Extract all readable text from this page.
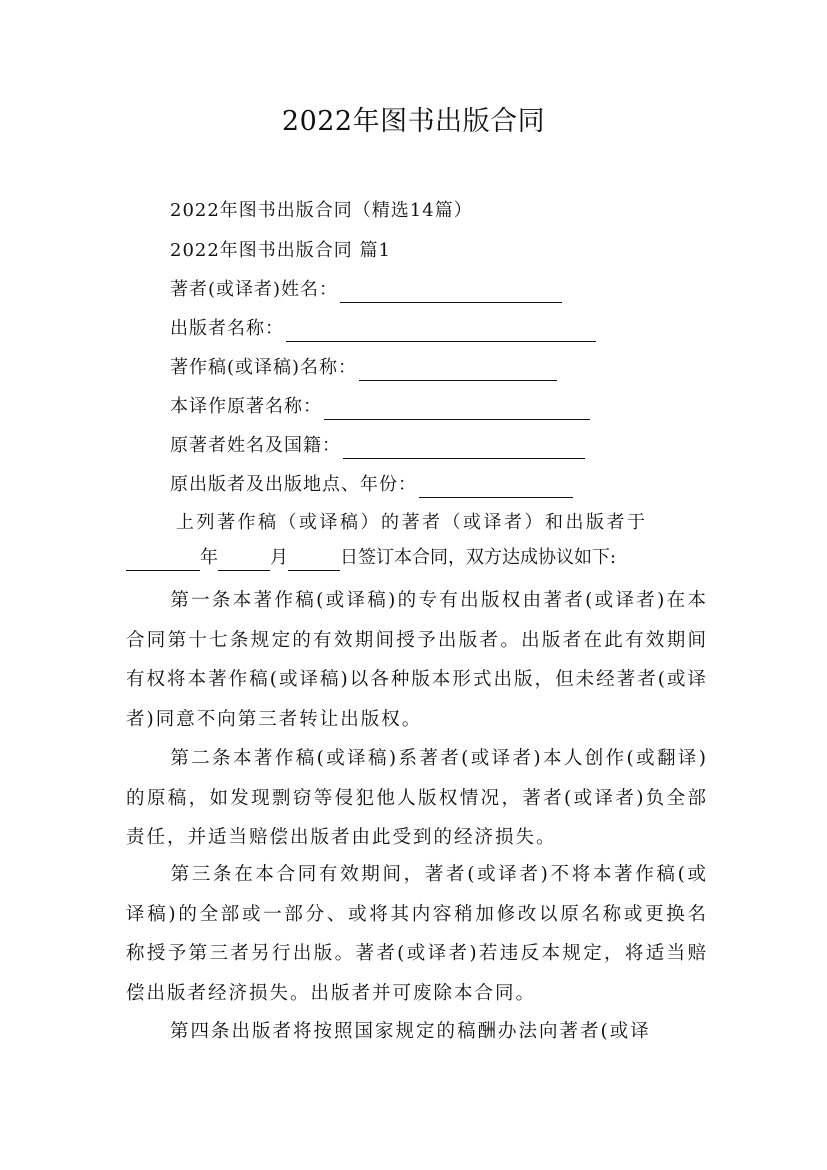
2022年图书出版合同
2022年图书出版合同（精选14篇）
2022年图书出版合同 篇1
著者(或译者)姓名：
出版者名称：
著作稿(或译稿)名称：
本译作原著名称：
原著者姓名及国籍：
原出版者及出版地点、年份：
上列著作稿（或译稿）的著者（或译者）和出版者于
年	月	日签订本合同，双方达成协议如下:
第一条本著作稿(或译稿)的专有出版权由著者(或译者)在本合同第十七条规定的有效期间授予出版者。出版者在此有效期间有权将本著作稿(或译稿)以各种版本形式出版，但未经著者(或译者)同意不向第三者转让出版权。
第二条本著作稿(或译稿)系著者(或译者)本人创作(或翻译)的原稿，如发现剽窃等侵犯他人版权情况，著者(或译者)负全部责任，并适当赔偿出版者由此受到的经济损失。
第三条在本合同有效期间，著者(或译者)不将本著作稿(或译稿)的全部或一部分、或将其内容稍加修改以原名称或更换名称授予第三者另行出版。著者(或译者)若违反本规定，将适当赔偿出版者经济损失。出版者并可废除本合同。
第四条出版者将按照国家规定的稿酬办法向著者(或译
